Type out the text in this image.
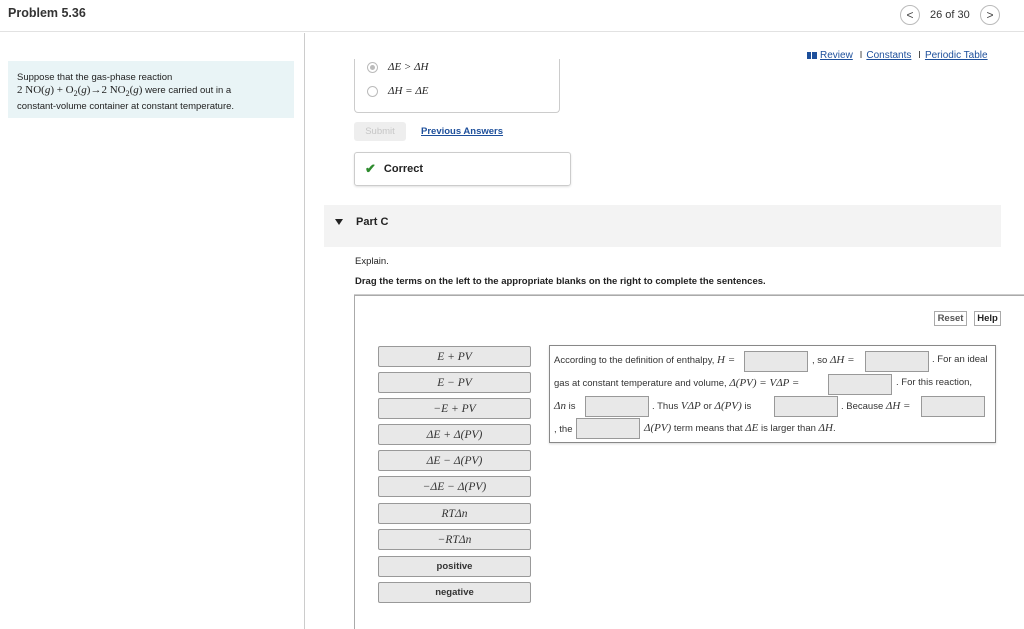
Problem 5.36	< 26 of 30 >
Suppose that the gas-phase reaction
2 $NO(g) + O_2(g)\to 2$ $NO_2(g)$ were carried out in a
constant-volume container at constant temperature.
Review I Constants I Periodic Table
ΔE > ΔH
ΔH = ΔE
Submit	Previous Answers
✔ Correct
Part C
Explain.
Drag the terms on the left to the appropriate blanks on the right to complete the sentences.
Reset	Help
E + PV
E − PV
−E + PV
ΔE + Δ(PV)
ΔE − Δ(PV)
−ΔE − Δ(PV)
RTΔn
−RTΔn
positive
negative
According to the definition of enthalpy, H =	, so ΔH =	. For an ideal
gas at constant temperature and volume, Δ(PV) = VΔP =	. For this reaction,
Δn is	. Thus VΔP or Δ(PV) is	. Because ΔH =
, the	Δ(PV) term means that ΔE is larger than ΔH.
